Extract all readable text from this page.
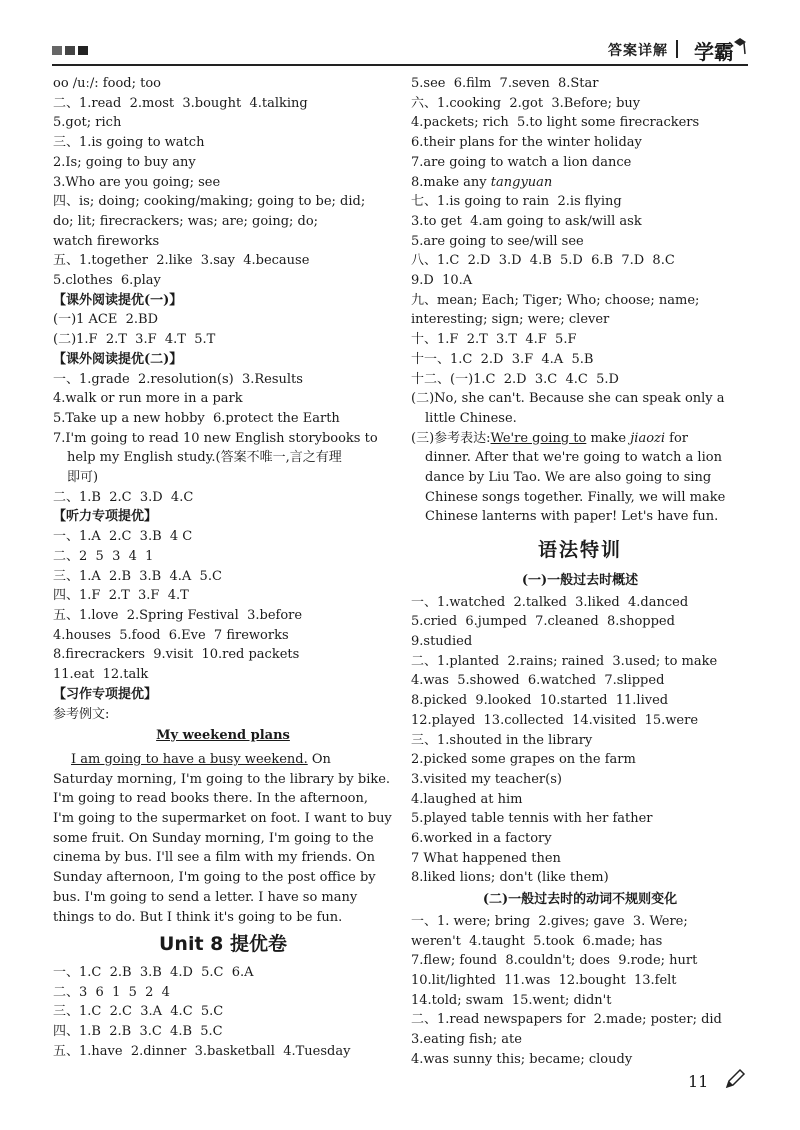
答案详解 学霸
oo /uː/: food; too
二、1.read  2.most  3.bought  4.talking
5.got; rich
三、1.is going to watch
2.Is; going to buy any
3.Who are you going; see
四、is; doing; cooking/making; going to be; did;
do; lit; firecrackers; was; are; going; do;
watch fireworks
五、1.together  2.like  3.say  4.because
5.clothes  6.play
【课外阅读提优(一)】
(一)1 ACE  2.BD
(二)1.F  2.T  3.F  4.T  5.T
【课外阅读提优(二)】
一、1.grade  2.resolution(s)  3.Results
4.walk or run more in a park
5.Take up a new hobby  6.protect the Earth
7.I'm going to read 10 new English storybooks to
help my English study.(答案不唯一,言之有理
即可)
二、1.B  2.C  3.D  4.C
【听力专项提优】
一、1.A  2.C  3.B  4 C
二、2  5  3  4  1
三、1.A  2.B  3.B  4.A  5.C
四、1.F  2.T  3.F  4.T
五、1.love  2.Spring Festival  3.before
4.houses  5.food  6.Eve  7 fireworks
8.firecrackers  9.visit  10.red packets
11.eat  12.talk
【习作专项提优】
参考例文:
My weekend plans
I am going to have a busy weekend. On
Saturday morning, I'm going to the library by bike.
I'm going to read books there. In the afternoon,
I'm going to the supermarket on foot. I want to buy
some fruit. On Sunday morning, I'm going to the
cinema by bus. I'll see a film with my friends. On
Sunday afternoon, I'm going to the post office by
bus. I'm going to send a letter. I have so many
things to do. But I think it's going to be fun.
Unit 8 提优卷
一、1.C  2.B  3.B  4.D  5.C  6.A
二、3  6  1  5  2  4
三、1.C  2.C  3.A  4.C  5.C
四、1.B  2.B  3.C  4.B  5.C
五、1.have  2.dinner  3.basketball  4.Tuesday
5.see  6.film  7.seven  8.Star
六、1.cooking  2.got  3.Before; buy
4.packets; rich  5.to light some firecrackers
6.their plans for the winter holiday
7.are going to watch a lion dance
8.make any tangyuan
七、1.is going to rain  2.is flying
3.to get  4.am going to ask/will ask
5.are going to see/will see
八、1.C  2.D  3.D  4.B  5.D  6.B  7.D  8.C
9.D  10.A
九、mean; Each; Tiger; Who; choose; name;
interesting; sign; were; clever
十、1.F  2.T  3.T  4.F  5.F
十一、1.C  2.D  3.F  4.A  5.B
十二、(一)1.C  2.D  3.C  4.C  5.D
(二)No, she can't. Because she can speak only a
little Chinese.
(三)参考表达:We're going to make jiaozi for
dinner. After that we're going to watch a lion
dance by Liu Tao. We are also going to sing
Chinese songs together. Finally, we will make
Chinese lanterns with paper! Let's have fun.
语法特训
(一)一般过去时概述
一、1.watched  2.talked  3.liked  4.danced
5.cried  6.jumped  7.cleaned  8.shopped
9.studied
二、1.planted  2.rains; rained  3.used; to make
4.was  5.showed  6.watched  7.slipped
8.picked  9.looked  10.started  11.lived
12.played  13.collected  14.visited  15.were
三、1.shouted in the library
2.picked some grapes on the farm
3.visited my teacher(s)
4.laughed at him
5.played table tennis with her father
6.worked in a factory
7 What happened then
8.liked lions; don't (like them)
(二)一般过去时的动词不规则变化
一、1. were; bring  2.gives; gave  3. Were;
weren't  4.taught  5.took  6.made; has
7.flew; found  8.couldn't; does  9.rode; hurt
10.lit/lighted  11.was  12.bought  13.felt
14.told; swam  15.went; didn't
二、1.read newspapers for  2.made; poster; did
3.eating fish; ate
4.was sunny this; became; cloudy
11
